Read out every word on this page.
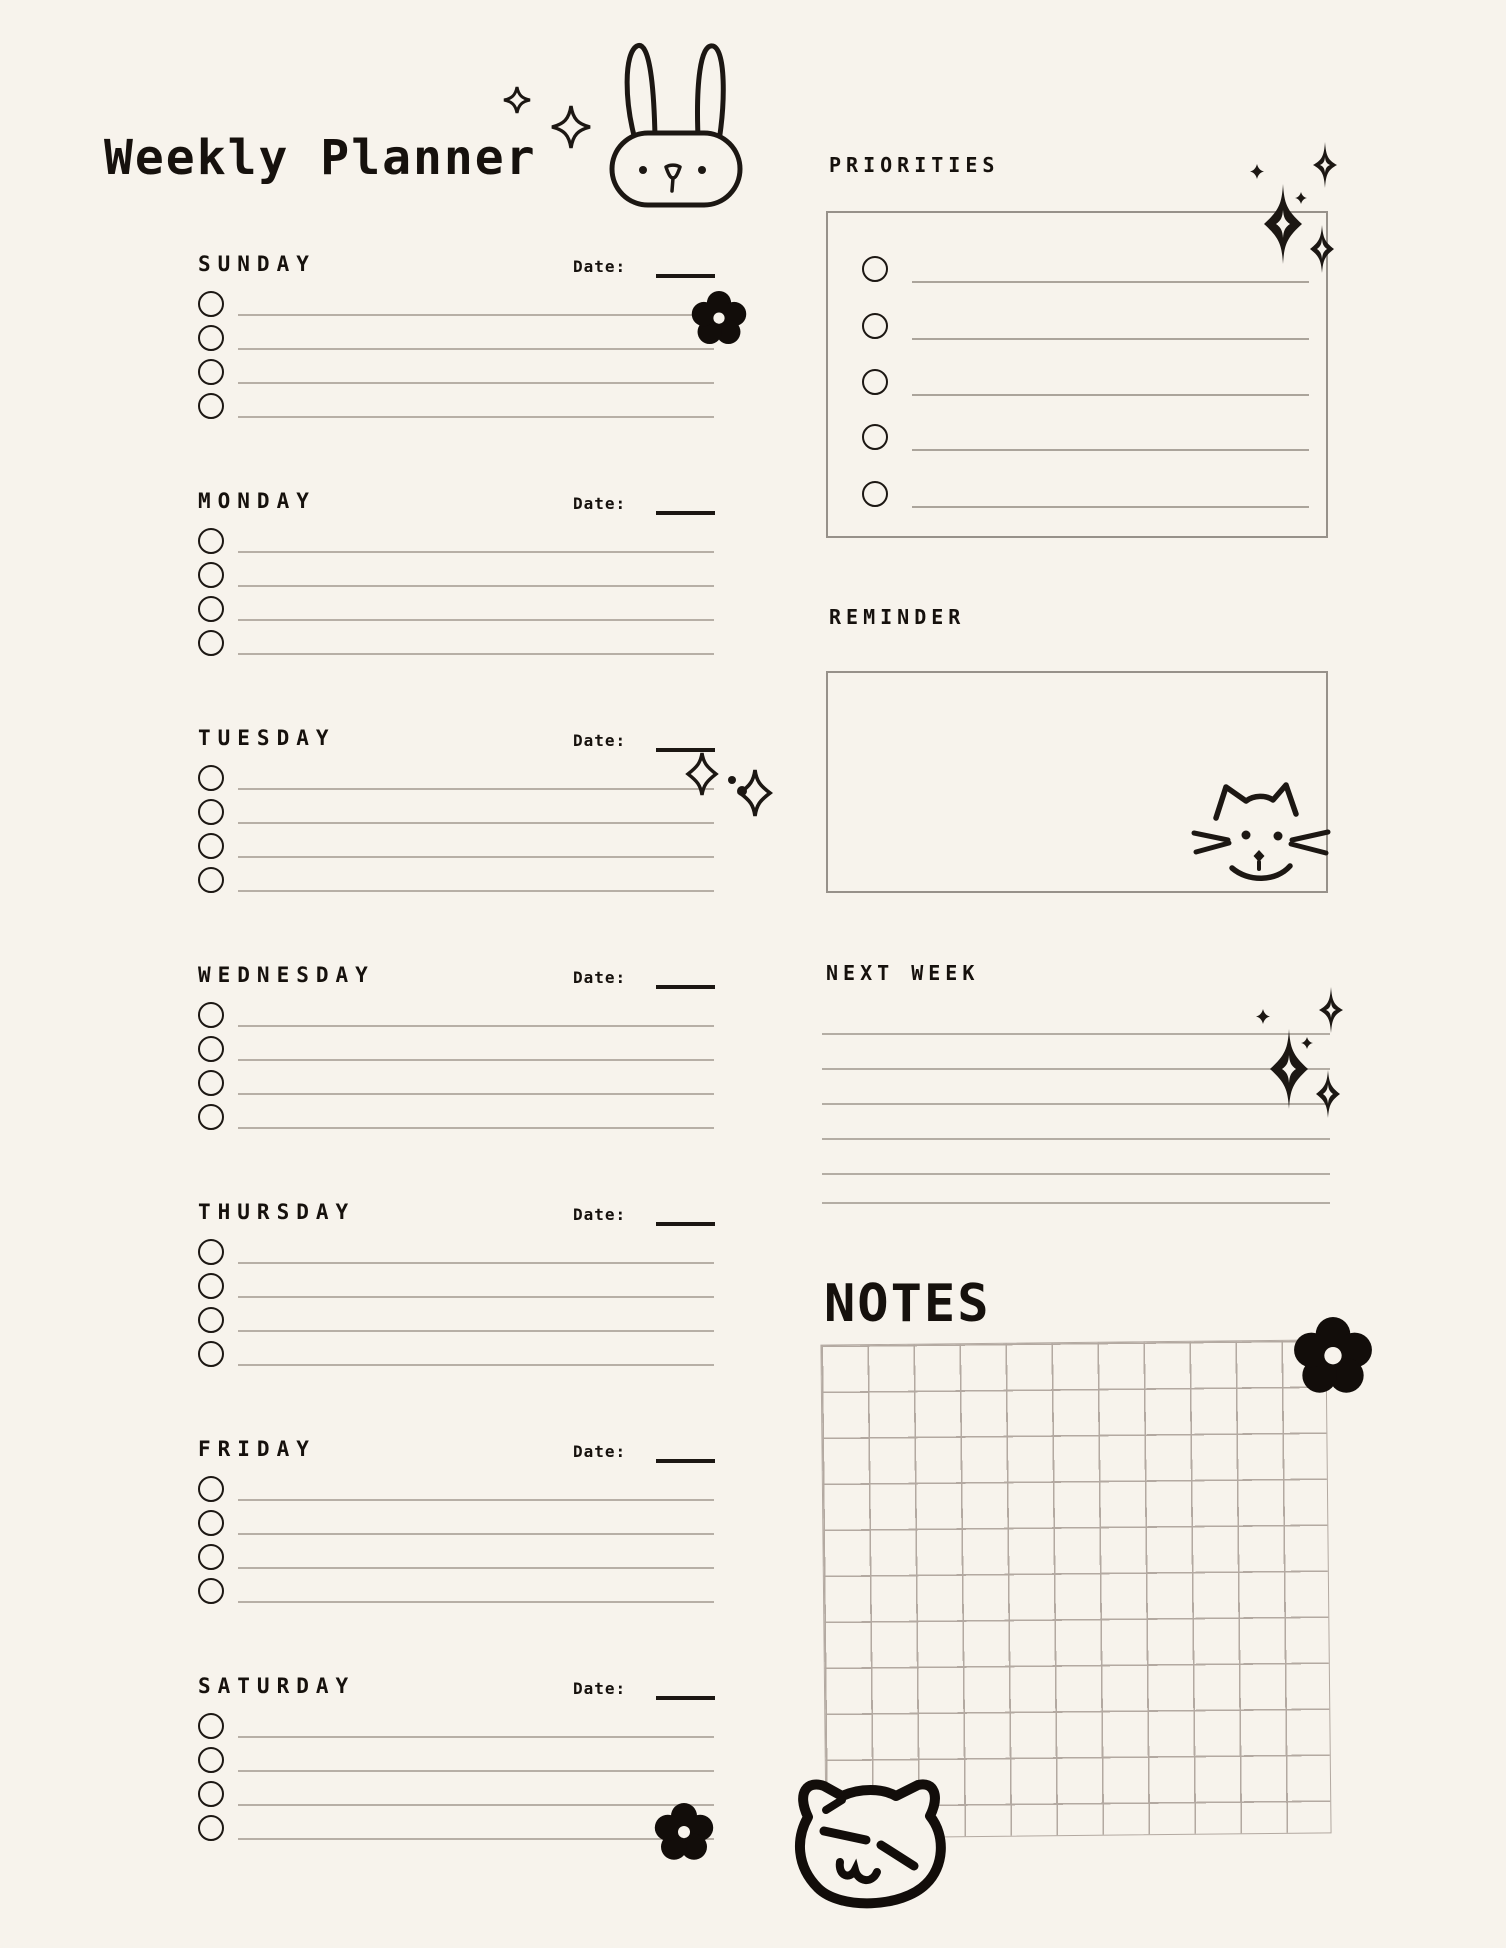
Weekly Planner
SUNDAY	Date:
MONDAY	Date:
TUESDAY	Date:
WEDNESDAY	Date:
THURSDAY	Date:
FRIDAY	Date:
SATURDAY	Date:
PRIORITIES
REMINDER
NEXT WEEK
NOTES
